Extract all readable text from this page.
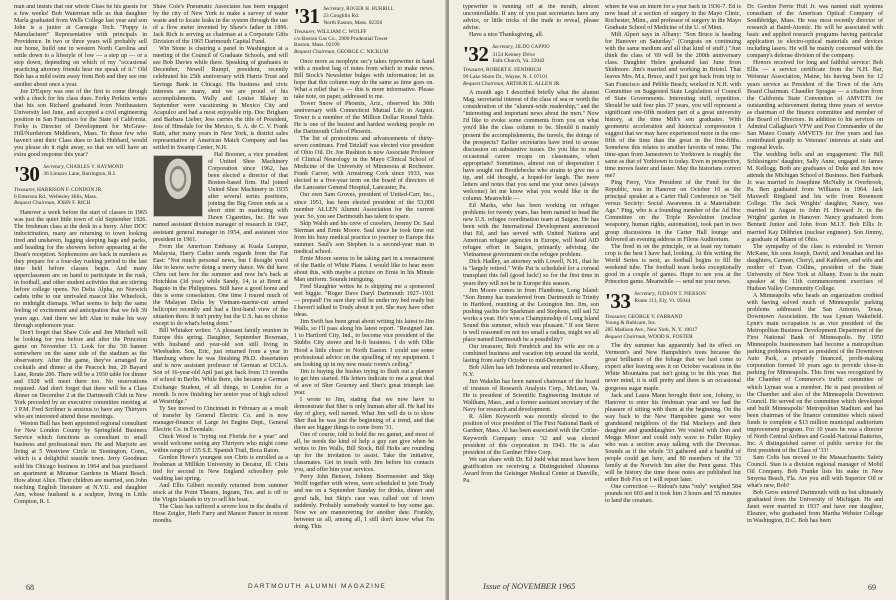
man and insists that our whole Class be his guests for a few weeks! Bob Waterman tells us that daughter Marla graduated from Wells College last year and son John is a junior at Carnegie Tech. "Puppy is Manufacturer" Representative with principals in Providence. In two or three years will probably sell our home, build one in western North Carolina and settle down to a lifestyle of low — a step up — or a step down, depending on which of my "occasional practicing attorney friends hear me speak of it." Old Bob has a mild swim away from Bob and they see one another about once a year.

Joe D'Espoy was one of the first to come through with a check for his class dues. Forky Perkins writes that his son Richard graduated from Northeastern University last June, and accepted a civil engineering position in San Francisco for the State of California. Forky is Director of Development for McGraw-Hill/Nurdstrom Middlesex, Mass. To those few who haven't sent their Class dues to Jack Hubbard, would you please do it right away, so that we will have an extra good response this year?

'30 Secretary, CHARLES V. RAYMOND
36 Linnaro Lane, Barrington, R.I.
Treasurer, HARRISON F. CONDON JR.
6 Emerson Rd., Wellesley Hills, Mass.
Bequest Chairman, JOHN F. RICH

Hanover a week before the start of classes in 1965 was just the quiet little town of old September 1926. The freshman class at the desk in a hurry. After DOC indoctrination, many are returning to town looking tired and unshaven, lugging sleeping bags and packs, and heading for the showers before appearing at the Dean's reception. Sophomores are back in numbers as they prepare for a four-day rushing period to the last time held before classes begin. And many upperclassmen are on hand to participate in the rush, in football, and other student activities that are stirring before college opens. No Delta Alpha, no Norwich cadets tribe to our unrivaled mascot like Wheelock, no midnight dismaps. What seems to help the same feeling of excitement and anticipation that we felt 39 years ago. And there we left Alan to make his way through sophomore year.

Don't forget that Shaw Cole and Jim Mitchell will be looking for you before and after the Princeton game on November 13. Look for the '30 banner somewhere on the same side of the stadium as the observatory. After the game, they've arranged for cocktails and dinner at the Peacock Inn, 20 Bayard Lane, Route 206. There will be a 1930 table for dinner and 1928 will meet there too. No reservations required. And don't forget that there will be a Class dinner on December 2 at the Dartmouth Club in New York preceded by an executive committee meeting at 3 P.M. Fred Scribner is anxious to have any Thirtyers who are interested attend these meetings.

Weston Bull has been appointed regional consultant for New London County by Springfield Business Service which functions as consultant to small business and professional men. He and Marjorie are living at 5 Westview Circle in Stonington, Conn., which is a delightful seaside town. Jerry Goodman sold his Chicago business in 1964 and has purchased an apartment at Miramar Gardens in Miami Beach. How about Alice. Their children are married, son John teaching English literature at N.Y.U. and daughter Ann, whose husband is a sculptor, living in Little Compton, R. I.

Shaw Cole's Pneumatic Associates has been engaged by the city of New York to make a survey of water waste and to locate leaks in the system through the use of a flow meter invented by Shaw's father in 1896. Jack Rich is serving as chairman at a Corporate Gifts Division of the 1965 Dartmouth Capital Fund.

Win Stone is chairing a panel in Washington at a meeting of the Council of Graduate Schools, and will see Bob Davies while there. Speaking of graduates in December, Newell Rumpf, president, recently celebrated his 25th anniversary with Harris Trust and Savings Bank in Chicago. His business and civic interests are many, and we are proud of his accomplishments. Wally and Louise Blakey in September were vacationing in Mexico City and Acapulco and had a most enjoyable trip. Doc Brigham and Barbara Lieber, Jess carries the title of President, Jess of Hinsdale for the Mexico, S. A. de C. V. Frank Ratti, after many years in New York, is district sales representative of American Match Company and has settled in Swamp Center, N.H.

Hal Boomer, a vice president of United Shoe Machinery Corporation since 1962, has been elected a director of that Boston-based firm. Hal joined United Shoe Machinery in 1935 after several series positions, joining the Big Green ends as a short stint in marketing with Dawn Cigarettes, Inc. He was named assistant division manager of research in 1947, assistant general manager in 1954, and assistant vice president in 1961.

From the American Embassy at Kuala Lumpur, Malaysia, Harry Cadier sends regards from the Far East: "Not much personal news, but I thought you'd like to know we're doing a merry dance. We did have Chris out here for the summer and now he's back at Hotchkiss (3d year) while Sandy, 14, is at Brent at Baguio in the Philippines. Still have a good home and this is some consolation. One time I toured much of the Malayan Delta by Vietnam-marine-cut armed helicopter recently and had a first-hand view of the situation there. It isn't pretty but the U.S. has no choice except to do what's being done."

Bill Whitaker writes: "A pleasant family reunion in Europe this spring. Daughter, September Bowman, with husband and year-old son still living in Wiesbaden. Son, Eric, just returned from a year in Hamburg where he was finishing Ph.D. dissertation and is now assistant professor of German at UCLA. Son of 16-year-old Apil just got back from 13 months of school in Berlin. While there, she became a German Exchange Student, of all things, to London for a month. Is now finishing her senior year of high school at Westridge."

Ty See moved to Cincinnati in February as a result of transfer by General Electric Co. and is now manager-finance of Large Jet Engine Dept., General Electric Co. in Evendale.

Chick Wood is "trying out Florida for a year" and would welcome seeing any Thirtyers who might come within range of 135 S.E. Spanish Trail, Boca Raton.

Gordon Howe's youngest son Chris is enrolled as a freshman at Millikin University in Decatur, Ill. Chris tied for second in New England schoolboy pole vaulting last spring.

And Ellis Gilbert recently returned from summer stock at the Point Theatre, Ingram, Tex. and is off to the Virgin Islands to try to sell his boat.

The Class has suffered a severe loss in the deaths of Hose Zeigler, Herb Farry and Mancer Pancer in recent months.

'31 Secretary, ROGER H. BURRILL
23 Coughlin Rd.
North Easton, Mass. 02356
Treasurer, WILLIAM C. WOLFF
c/o Boston Gas Co., 2900 Prudential Tower
Boston, Mass. 02199
Bequest Chairman, GEORGE C. NICKUM

Once more as neophyte sec'y takes typewriter in hand with a modest bag of notes from which to make news. Bill Stock's Newsletter bulges with information; let us hope that this column may do the same as time goes on. What a relief that is — this is more informative. Please take note, on paper, addressed to me.

Tower Snow of Phoenix, Ariz., observed his 30th anniversary with Connecticut Mutual Life in August. Tower is a member of the Million Dollar Round Table. He is one of the busiest and hardest working people on the Dartmouth Club of Phoenix.

The list of promotions and advancements of thirty-seven continues. Fred Tetzlaff was elected vice president of Ohio Oil. Dr. Joe Rushton is now Associate Professor of Clinical Neurology in the Mayo Clinical School of Medicine of the University of Minnesota at Rochester. Frank Carver, with Armstrong Cork since 1933, was elected to a five-year term on the board of directors of the Lancaster General Hospital, Lancaster, Pa.

Our own Sam Groves, president of United-Carr, Inc., since 1951, has been elected president of the 53,000 member ALLEN Alumni Association for the current year. So, you see Dartmouth has talent to spare.

Skip Walsh and his crew of crawlers, Jeremy Dr. Saul Sterman and Ernie Moore. Saul since he took time out from his busy medical practice to journey to Europe this summer. Saul's son Stephen is a second-year man in medical school.

Ernie Moore seems to be taking part in a reenactment of the Battle of White Plains. I would like to hear more about this, with maybe a picture on Ernie in his Minute Man uniform. Sounds intriguing.

Fred Slaughter writes he is shipping me a sponsored wet biggie. "Roger Dave Daryl Dartmouth 1927–1931 — prepaid! I'm sure they will be under my bed ready but I haven't talked to Trudy about it yet. She may have other ideas.

Jim Swift has been great about writing his latest to Jim Walls, so I'll pass along his latest report. "Resigned Jan. 1 to Hartford City, Ind., to become vice president of the Stubbs City stereo and hi-fi business. I do with Ollie Hood a little closer to North Easton. I could use some professional advice on the upselling of my equipment. I am looking up in my new music room's ceiling."

Jim is buying the hushes trying to flush out a planner to get him started. His letters indicate to me a great deal of awe of Sher Gourney and Sher's great triumph last year.

I wrote to Jim, stating that we now have to demonstrate that Sher is only human after all. He had his day of glory, well earned. What Jim will do is to show Sher that he was just the beginning of a trend, and that there are bigger things to come from '31.

One of course, told to hold the res gamet, and most of all, he needs the kind of help a guy can give when he writes to Jim Walls, Bill Stock, Bill Holts are rounding up for the invitation to assist. Take the initiative, classmates. Get in touch with Jim before his contacts you, and offer him your services.

Perry John Benson, Johnny Boermeester and Skip Wolff together with wives, were scheduled to join Trudy and me on a September Sunday for drinks, dinner and good talk, but Skip's case was called out of town suddenly. Probably somebody wanted to buy some gas. Now we are maneuvering for another date. Frankly, between us all, among all, I still don't know what I'm doing. This

68	DARTMOUTH ALUMNI MAGAZINE

typewriter is running off at the mouth, almost uncontrollable. If any of you past secretaries have any advice, or little tricks of the trade to reveal, please advise.

Have a nice Thanksgiving, all.

'32 Secretary, JILDO CAPPIO
3154 Kenney Drive
Falls Church, Va. 22042
Treasurer, ROBERT E. FENDRICH
99 Lake Shore Dr., Wayne, N. J. 07101
Bequest Chairman, ARTHUR E. ALLEN JR.

A month ago I described briefly what the alumni Mag. secretarial interest of the class of sea or worth the consideration of the "alumni-wide readership," and the "interesting and important news about the men." Now I'd like to evoke some comments from you on what you'd like the class column to be. Should it mainly present the accomplishments, the travels, the doings of the prospects? Earlier secretaries have tried to arouse discussion on substantive issues. Do you like to read occasional career recaps on classmates, when appropriate? Sometimes, almost out of desperation I have sought out Bootlebecke who strains to give me a tip, and old thought, a hoped-for laugh. The more letters and notes that you send me your news (always welcome) let me know what you would like in the column. Meanwhile —

Ed Marks, who has been working on refugee problems for twenty years, has been named to head the new U.S. refugee coordination team at Saigon. He has been with the International Development announced that Ed, and has served with United Nations and American refugee agencies in Europe, will head AID refugee effort in Saigon, primarily advising the Vietnamese government on the refugee problem.

Dick Hadley, an attorney with Lowell, N.H., that he is "largely retired." Wife Pat is scheduled for a corneal transplant this fall (good luck!) so for the first time in years they will not be in Europe this season.

Jim Moore comes in from Flandome, Long Island: "Son Jimmy has transferred from Dartmouth to Trinity in Hartford, reuniting at the Lexington Inn. Jim, son pushing yachts for Sparkman and Stephens, still sail 52 works a year. He's won a Championship of Long Island Sound this summer, which was pleasant." If son Steve is well reasoned on not too small a radius, might we all place named Dartmouth be a possibility?

Our treasurer, Bob Fendrich and his wife are on a combined business and vacation trip around the world, lasting from early October to mid-December.

Bob Allen has left Indonesia and returned to Albany, N.Y.

Jim Wakelin has been named chairman of the board of trustees of Research Analysis Corp., McLean, Va. He is president of Scientific Engineering Institute of Waltham, Mass., and a former assistant secretary of the Navy for research and development.

R. Allen Keyworth was recently elected to the position of vice president of The First National Bank of Gardner, Mass. Al has been associated with the Critler-Keyworth Company since '32 and was elected president of this corporation in 1943. He is also president of the Gardner Fibre Corp.

We can share with Dr. Ed Judd what must have been gratification on receiving a Distinguished Alumnus Award from the Geisinger Medical Center at Danville, Pa.

where he was an intern for a year back in 1936-7. Ed is now head of a section of surgery in the Mayo Clinic, Rochester, Minn., and professor of surgery in the Mayo Graduate School of Medicine of the U. of Minn.

Milt Alpert says in Albany: "Son Bruce is heading for Hanover on Saturday." (Congrats on continuing with the same medium and all that kind of stuff.) "Just think the class of '69 will be the 200th anniversary class. Daughter Helen graduated last June from Skidmore. Jim's married and working in Bristol. That leaves Mrs. M.s, Bruce, and I just got back from trip to San Francisco and Pebble Beach; worked in N.H. with Committee on Suggested State Legislation of Council of State Governments. Interesting stuff, repetition. Should be said four plus 37 years, you will represent a significant one-fifth modern part of a great university history, at the time Milt's son graduates. With geometric acceleration and historical compression I suggest that we may have experienced more in the one-fifth of the time than the great in the first-fifths. Somehow this relates to another favorite of mine. The time-span from Jamestown to Yorktown is roughly the same as that of Yorktown to today. Even in perspective, time moves faster and faster. May the historians correct me?

Ping Ferry, Vice President of the Fund for the Republic, was in Hanover on October 10 as the principal speaker at a Carter Hall Conference on "Self versus Society: Social Awareness in a Materialistic Age." Ping, who is a founding member of the Ad Hoc Committee on the Triple Revolution (nuclear weaponry, human rights, automation), took part in two group discussions in the Carter Hall lounge and delivered an evening address in Filene Auditorium.

The fired in on the principle, or at least my tomato crop is the best I have had, looking. At this writing the World Series is next, as football begins to fill the weekend tube. The football team looks exceptionally good in a couple of games. Hope to see you at the Princeton game. Meanwhile — send me your news.

'33 Secretary, JUDSON T. PIERSON
Route 113, Ely, Vt. 05044
Treasurer, GEORGE V. FARRAND
Young & Rubicam, Inc.
285 Madison Ave., New York, N. Y. 10017
Bequest Chairman, WOOD K. FOSTER

The dry summer has apparently had its effect on Vermont's and New Hampshire's trees because the great brilliance of the foliage that we had come to expect after leaving sees it on October vacations in the White Mountains just isn't going to be this year. But never mind, it is still pretty and there is an occasional gorgeous sugar maple.

Jack and Laura Mann brought their son, Johnny, to Hanover to enter his freshman year and we had the pleasure of sitting with them at the beginning. On the way back to the New Hampshire game we were grandstand neighbors of the Hal Mackeys and their daughter and granddaughter. We visited with Don and Meggs Mixer and could only wave to Fuller Ripley who was a section away talking with the Drevenas. Sounds as if the whole '33 gathered and a handful of people could get here, and 80 members of the '33 family at the Norwich Inn after the Penn game. This will be history the time these notes are published but either Bob Fox or I will report later.

One correction — Ridout's tuna "only" weighed 584 pounds not 603 and it took him 3 hours and 55 minutes to land the creature.

Dr. Gordon Ferrie Hull Jr. was named staff systems consultant of the American Optical Company of Southbridge, Mass. He was most recently director of research at Baird-Atomic. He will be associated with basic and applied research programs having particular application to electro-optical materials and devices including lasers. He will be mainly concerned with the company's defense division of the company.

Honors received for long and faithful service: Bob Ellis — a service certificate from the N.H. Bar, Weismar Association, Maine, his having been for 12 years service as President of the Town of the Arts Board Chairman. Chandler Sprague — a citation from the California State Convention of AMVETS for outstanding achievement during three years of service as chairman of the finance committee and member of the Board of Directors. In addition to his services on Admiral Callaghan's VFW and Post Commander of the San Mateo County AMVETS for five years and has contributed greatly to Veterans' interests at state and regional levels.

The wedding bells and an engagement: The Bill Schlesingers' daughter, Sally Anne, engaged to James M. Kellogg. Both are graduates of Duke and Jim now attends the Michigan School of Business. Ben Fairbank Jr. was married to Josephine McNulty in Overbrook, Pa. Ben graduated from Williams in 1964. Jack Maxwell Ringland and his wife from Rosemont College. The Jack Wrights' daughter, Nancy, was married in August to John H. Howard Jr. in the Wrights' garden in Hanover. Nancy graduated from Bennett Junior and John from M.I.T. Bob Ellis Jr. married Kay Dilthrien (nuclear engineer). Son Jimmy, a graduate of Miami of Ohio.

The sympathy of the class is extended to Vernon McKane, his sons Joseph, David, and Jonathan and his daughters, Carmen, Cheryl, and Kathleen, and wife and mother of Evan Collins, president of the State University of New York at Albany. Evan is the main speaker at the 11th commencement exercises of Hudson Valley Community College.

A Minneapolis who heads an organization credited with having solved much of Minneapolis' parking problems addressed the San Antonio, Texas, Downtown Association. He was Lyman Wakefield. Lynn's main occupation is as vice president of the Metropolitan Business Development Department of the First National Bank of Minneapolis. By 1950 Minneapolis businessmen had become a metropolitan parking problems expert as president of the Downtown Auto Park, a privately financed, profit-making corporation formed 10 years ago to provide close-in parking for Minneapolis. This firm was recognized by the Chamber of Commerce's traffic committee of which Lyman was a member. He is past president of the Chamber and also of the Minneapolis Downtown Council. He served on the committee which developed and built Minneapolis' Metropolitan Stadium and has been chairman of the finance committee which raised funds to complete a $13 million municipal auditorium improvement program. For 10 years he was a director of North Central Airlines and Gould-National Batteries, Inc. A distinguished career of public service for the first president of the Class of '33!

Sam Colts has moved to the Massachusetts Safety Council. Stan is a division regional manager of Mobil Oil Company. Bob Franke lists his stake in New Smyrna Beach, Fla. Are you still with Superior Oil or what's new, Bob?

Bob Grow entered Dartmouth with us but ultimately graduated from the University of Michigan. He and Janet were married in 1937 and have one daughter, Eleanor, who graduated from Martha Webster College in Washington, D.C. Bob has been

Issue of NOVEMBER 1965	69
